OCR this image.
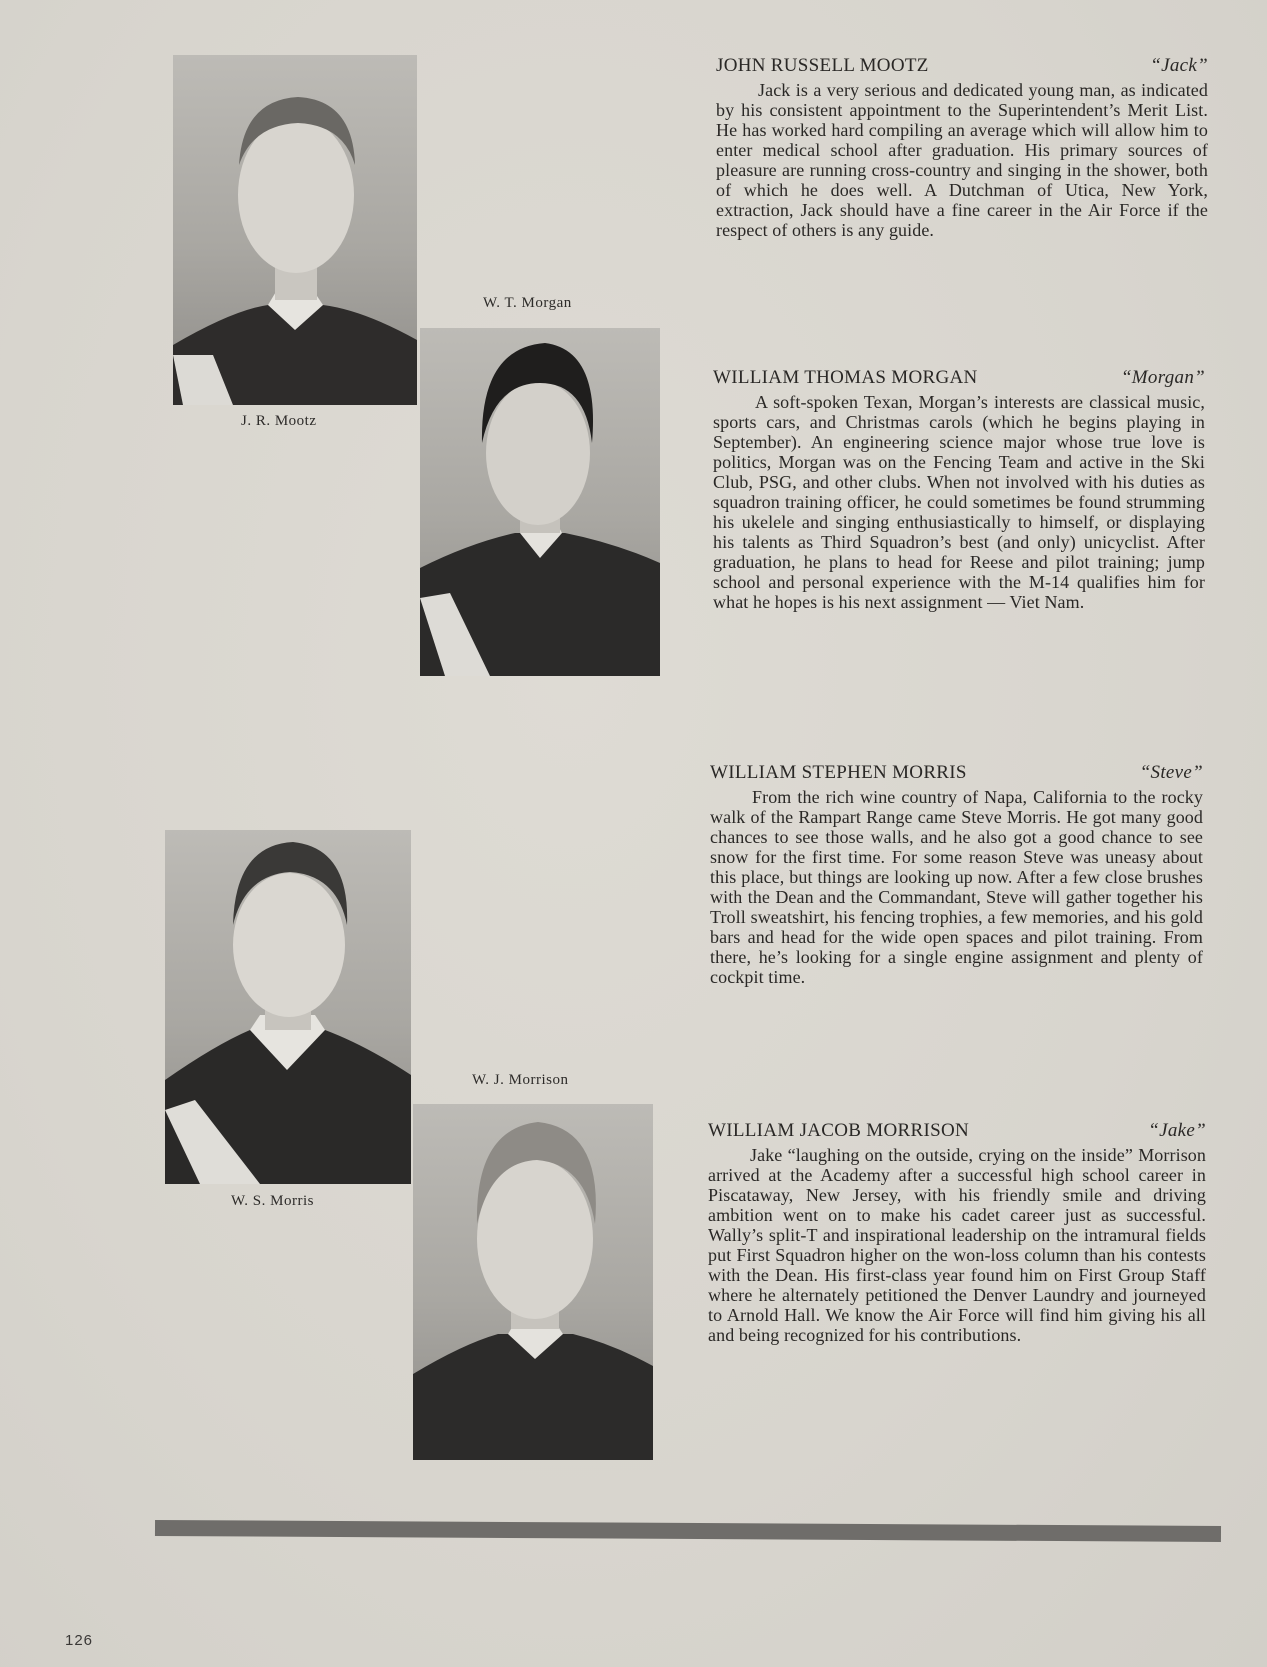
J. R. Mootz
W. T. Morgan
W. S. Morris
W. J. Morrison
JOHN RUSSELL MOOTZ	“Jack”

Jack is a very serious and dedicated young man, as indicated by his consistent appointment to the Superintendent’s Merit List. He has worked hard compiling an average which will allow him to enter medical school after graduation. His primary sources of pleasure are running cross-country and singing in the shower, both of which he does well. A Dutchman of Utica, New York, extraction, Jack should have a fine career in the Air Force if the respect of others is any guide.

WILLIAM THOMAS MORGAN	“Morgan”

A soft-spoken Texan, Morgan’s interests are classical music, sports cars, and Christmas carols (which he begins playing in September). An engineering science major whose true love is politics, Morgan was on the Fencing Team and active in the Ski Club, PSG, and other clubs. When not involved with his duties as squadron training officer, he could sometimes be found strumming his ukelele and singing enthusiastically to himself, or displaying his talents as Third Squadron’s best (and only) unicyclist. After graduation, he plans to head for Reese and pilot training; jump school and personal experience with the M-14 qualifies him for what he hopes is his next assignment — Viet Nam.

WILLIAM STEPHEN MORRIS	“Steve”

From the rich wine country of Napa, California to the rocky walk of the Rampart Range came Steve Morris. He got many good chances to see those walls, and he also got a good chance to see snow for the first time. For some reason Steve was uneasy about this place, but things are looking up now. After a few close brushes with the Dean and the Commandant, Steve will gather together his Troll sweatshirt, his fencing trophies, a few memories, and his gold bars and head for the wide open spaces and pilot training. From there, he’s looking for a single engine assignment and plenty of cockpit time.

WILLIAM JACOB MORRISON	“Jake”

Jake “laughing on the outside, crying on the inside” Morrison arrived at the Academy after a successful high school career in Piscataway, New Jersey, with his friendly smile and driving ambition went on to make his cadet career just as successful. Wally’s split-T and inspirational leadership on the intramural fields put First Squadron higher on the won-loss column than his contests with the Dean. His first-class year found him on First Group Staff where he alternately petitioned the Denver Laundry and journeyed to Arnold Hall. We know the Air Force will find him giving his all and being recognized for his contributions.

126
